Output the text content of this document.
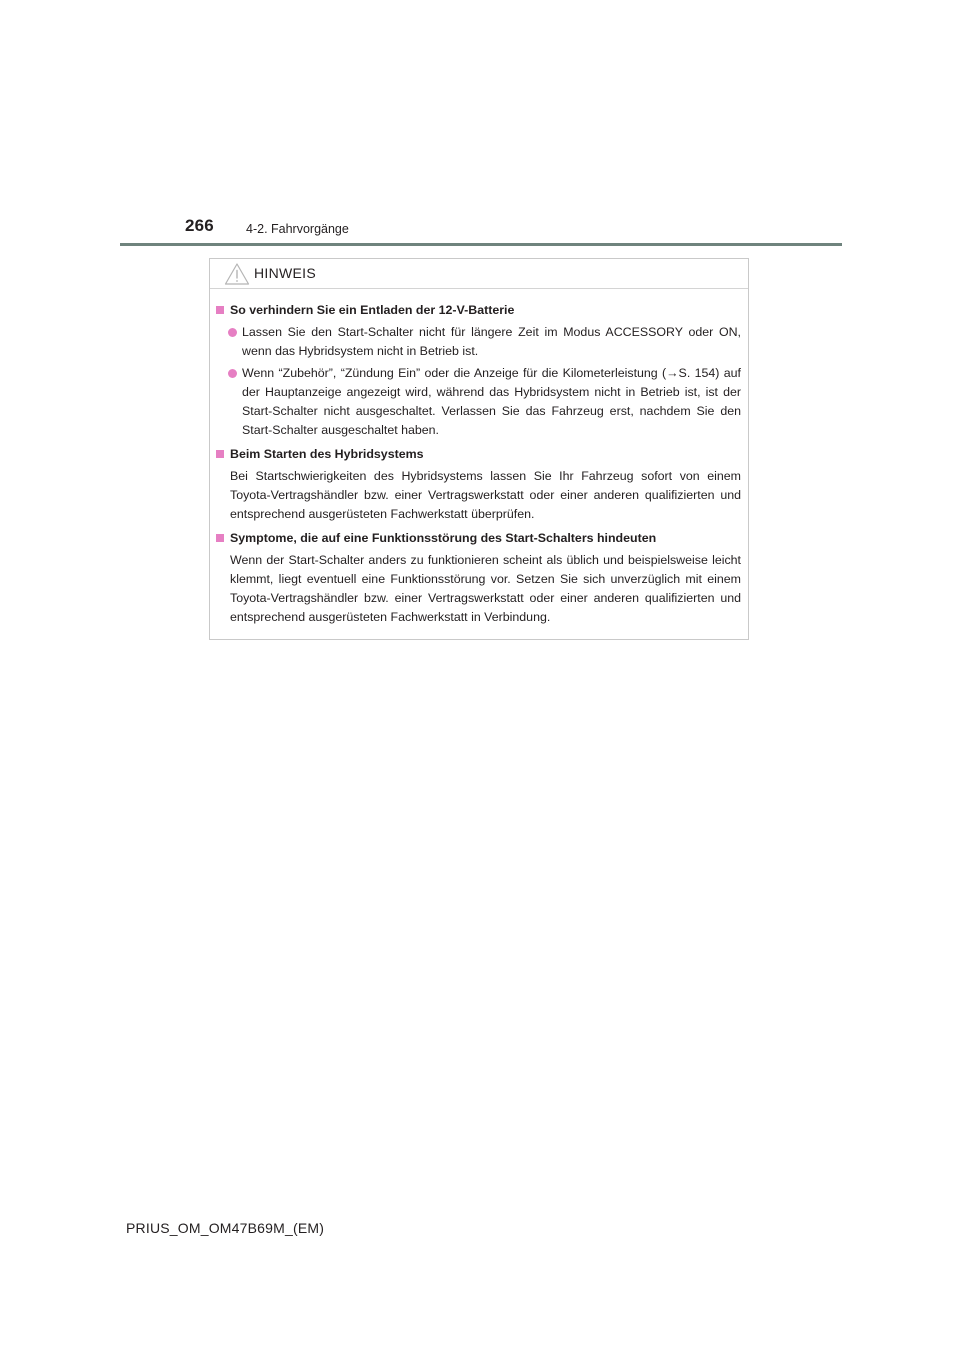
266	4-2. Fahrvorgänge
HINWEIS
So verhindern Sie ein Entladen der 12-V-Batterie
Lassen Sie den Start-Schalter nicht für längere Zeit im Modus ACCESSORY oder ON, wenn das Hybridsystem nicht in Betrieb ist.
Wenn “Zubehör”, “Zündung Ein” oder die Anzeige für die Kilometerleistung (→S. 154) auf der Hauptanzeige angezeigt wird, während das Hybridsystem nicht in Betrieb ist, ist der Start-Schalter nicht ausgeschaltet. Verlassen Sie das Fahrzeug erst, nachdem Sie den Start-Schalter ausgeschaltet haben.
Beim Starten des Hybridsystems
Bei Startschwierigkeiten des Hybridsystems lassen Sie Ihr Fahrzeug sofort von einem Toyota-Vertragshändler bzw. einer Vertragswerkstatt oder einer anderen qualifizierten und entsprechend ausgerüsteten Fachwerkstatt überprüfen.
Symptome, die auf eine Funktionsstörung des Start-Schalters hindeuten
Wenn der Start-Schalter anders zu funktionieren scheint als üblich und beispielsweise leicht klemmt, liegt eventuell eine Funktionsstörung vor. Setzen Sie sich unverzüglich mit einem Toyota-Vertragshändler bzw. einer Vertragswerkstatt oder einer anderen qualifizierten und entsprechend ausgerüsteten Fachwerkstatt in Verbindung.
PRIUS_OM_OM47B69M_(EM)
